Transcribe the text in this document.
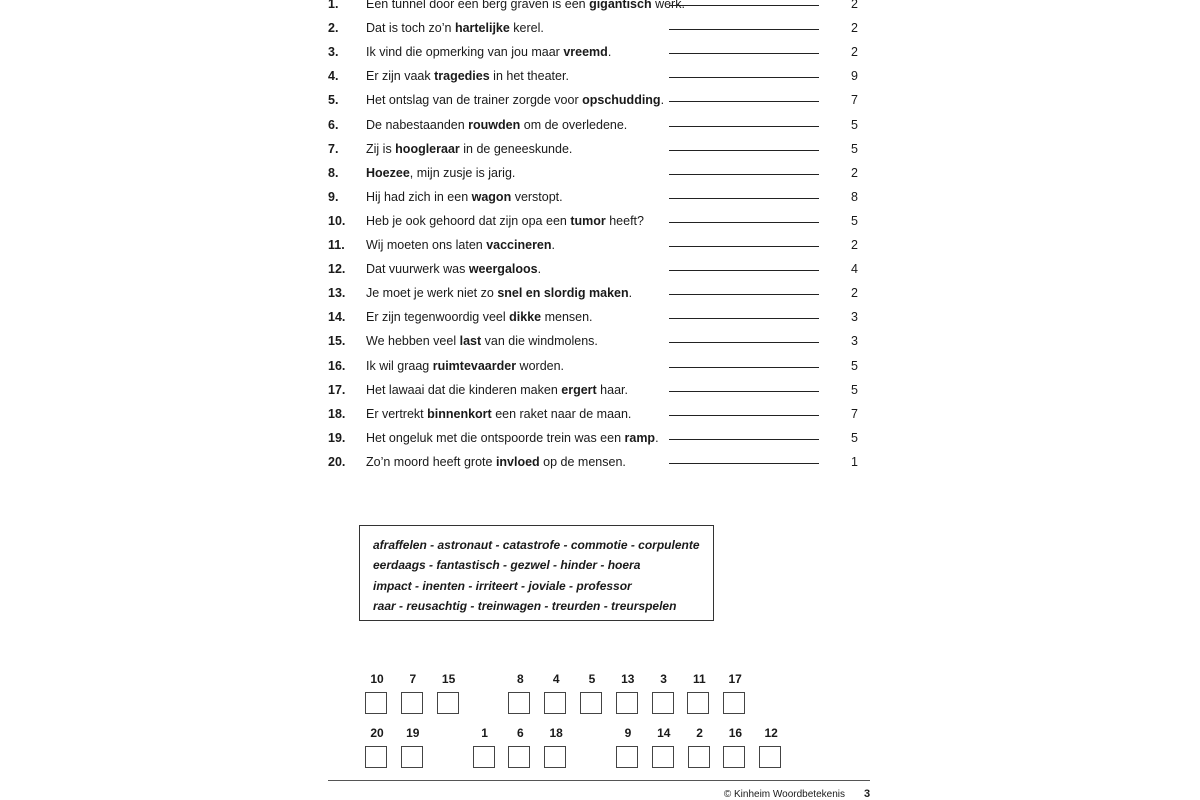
1. Een tunnel door een berg graven is een gigantisch werk.	2
2. Dat is toch zo’n hartelijke kerel.	2
3. Ik vind die opmerking van jou maar vreemd.	2
4. Er zijn vaak tragedies in het theater.	9
5. Het ontslag van de trainer zorgde voor opschudding.	7
6. De nabestaanden rouwden om de overledene.	5
7. Zij is hoogleraar in de geneeskunde.	5
8. Hoezee, mijn zusje is jarig.	2
9. Hij had zich in een wagon verstopt.	8
10. Heb je ook gehoord dat zijn opa een tumor heeft?	5
11. Wij moeten ons laten vaccineren.	2
12. Dat vuurwerk was weergaloos.	4
13. Je moet je werk niet zo snel en slordig maken.	2
14. Er zijn tegenwoordig veel dikke mensen.	3
15. We hebben veel last van die windmolens.	3
16. Ik wil graag ruimtevaarder worden.	5
17. Het lawaai dat die kinderen maken ergert haar.	5
18. Er vertrekt binnenkort een raket naar de maan.	7
19. Het ongeluk met die ontspoorde trein was een ramp.	5
20. Zo’n moord heeft grote invloed op de mensen.	1
afraffelen - astronaut - catastrofe - commotie - corpulente
eerdaags - fantastisch - gezwel - hinder - hoera
impact - inenten - irriteert - joviale - professor
raar - reusachtig - treinwagen - treurden - treurspelen
10	7	15	8	4	5	13	3	11	17
20	19	1	6	18	9	14	2	16	12
© Kinheim Woordbetekenis 3
